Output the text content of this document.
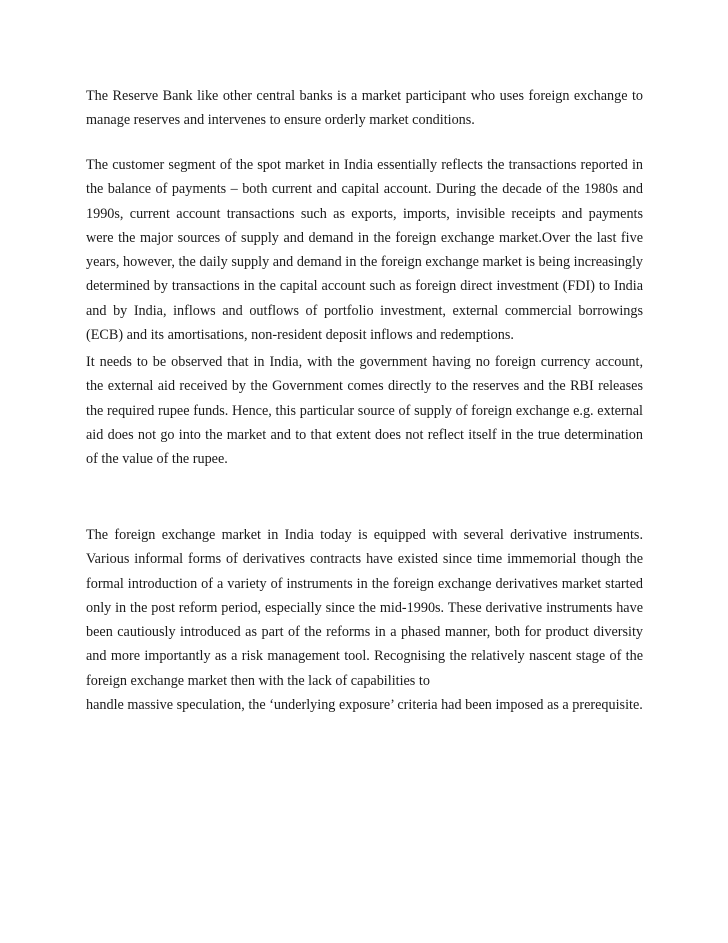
The Reserve Bank like other central banks is a market participant who uses foreign exchange to manage reserves and intervenes to ensure orderly market conditions.

The customer segment of the spot market in India essentially reflects the transactions reported in the balance of payments – both current and capital account. During the decade of the 1980s and 1990s, current account transactions such as exports, imports, invisible receipts and payments were the major sources of supply and demand in the foreign exchange market.Over the last five years, however, the daily supply and demand in the foreign exchange market is being increasingly determined by transactions in the capital account such as foreign direct investment (FDI) to India and by India, inflows and outflows of portfolio investment, external commercial borrowings (ECB) and its amortisations, non-resident deposit inflows and redemptions.

It needs to be observed that in India, with the government having no foreign currency account, the external aid received by the Government comes directly to the reserves and the RBI releases the required rupee funds. Hence, this particular source of supply of foreign exchange e.g. external aid does not go into the market and to that extent does not reflect itself in the true determination of the value of the rupee.

The foreign exchange market in India today is equipped with several derivative instruments. Various informal forms of derivatives contracts have existed since time immemorial though the formal introduction of a variety of instruments in the foreign exchange derivatives market started only in the post reform period, especially since the mid-1990s. These derivative instruments have been cautiously introduced as part of the reforms in a phased manner, both for product diversity and more importantly as a risk management tool. Recognising the relatively nascent stage of the foreign exchange market then with the lack of capabilities to

handle massive speculation, the ‘underlying exposure’ criteria had been imposed as a prerequisite.
